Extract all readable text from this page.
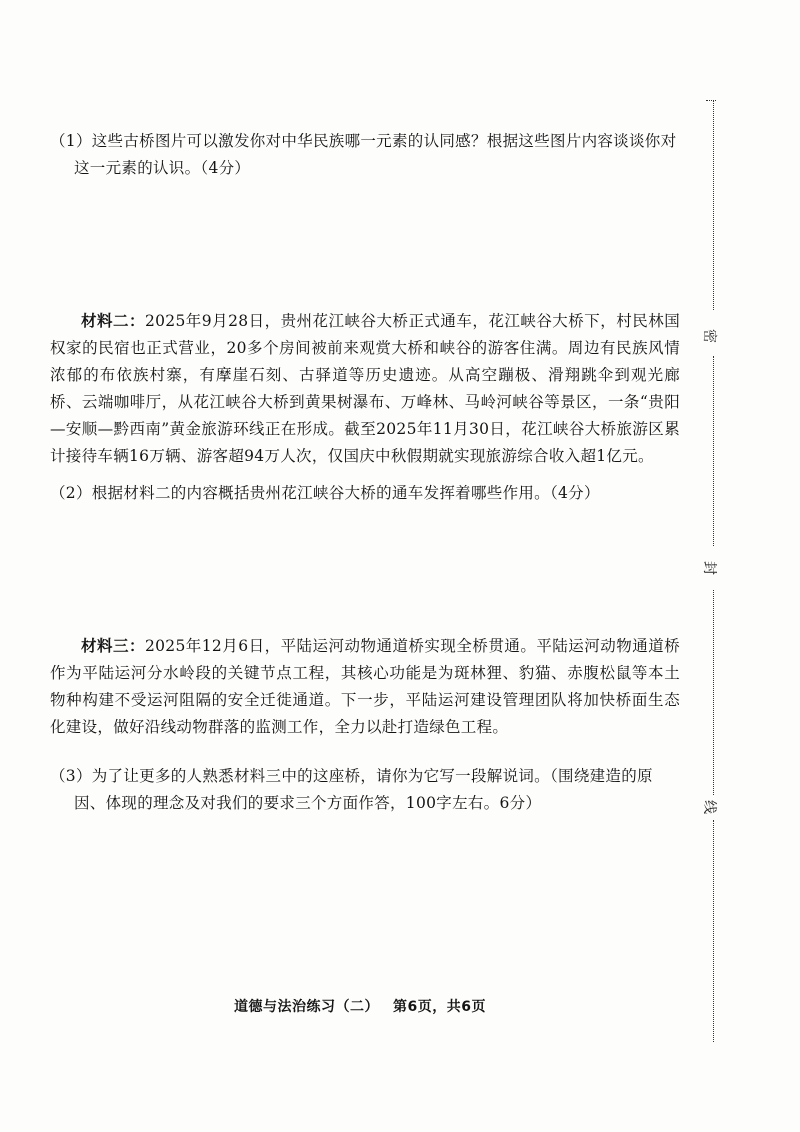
（1）这些古桥图片可以激发你对中华民族哪一元素的认同感？根据这些图片内容谈谈你对这一元素的认识。（4分）

材料二：2025年9月28日，贵州花江峡谷大桥正式通车，花江峡谷大桥下，村民林国权家的民宿也正式营业，20多个房间被前来观赏大桥和峡谷的游客住满。周边有民族风情浓郁的布依族村寨，有摩崖石刻、古驿道等历史遗迹。从高空蹦极、滑翔跳伞到观光廊桥、云端咖啡厅，从花江峡谷大桥到黄果树瀑布、万峰林、马岭河峡谷等景区，一条“贵阳—安顺—黔西南”黄金旅游环线正在形成。截至2025年11月30日，花江峡谷大桥旅游区累计接待车辆16万辆、游客超94万人次，仅国庆中秋假期就实现旅游综合收入超1亿元。

（2）根据材料二的内容概括贵州花江峡谷大桥的通车发挥着哪些作用。（4分）

材料三：2025年12月6日，平陆运河动物通道桥实现全桥贯通。平陆运河动物通道桥作为平陆运河分水岭段的关键节点工程，其核心功能是为斑林狸、豹猫、赤腹松鼠等本土物种构建不受运河阻隔的安全迁徙通道。下一步，平陆运河建设管理团队将加快桥面生态化建设，做好沿线动物群落的监测工作，全力以赴打造绿色工程。

（3）为了让更多的人熟悉材料三中的这座桥，请你为它写一段解说词。（围绕建造的原因、体现的理念及对我们的要求三个方面作答，100字左右。6分）

道德与法治练习（二） 第6页，共6页
密
封
线
